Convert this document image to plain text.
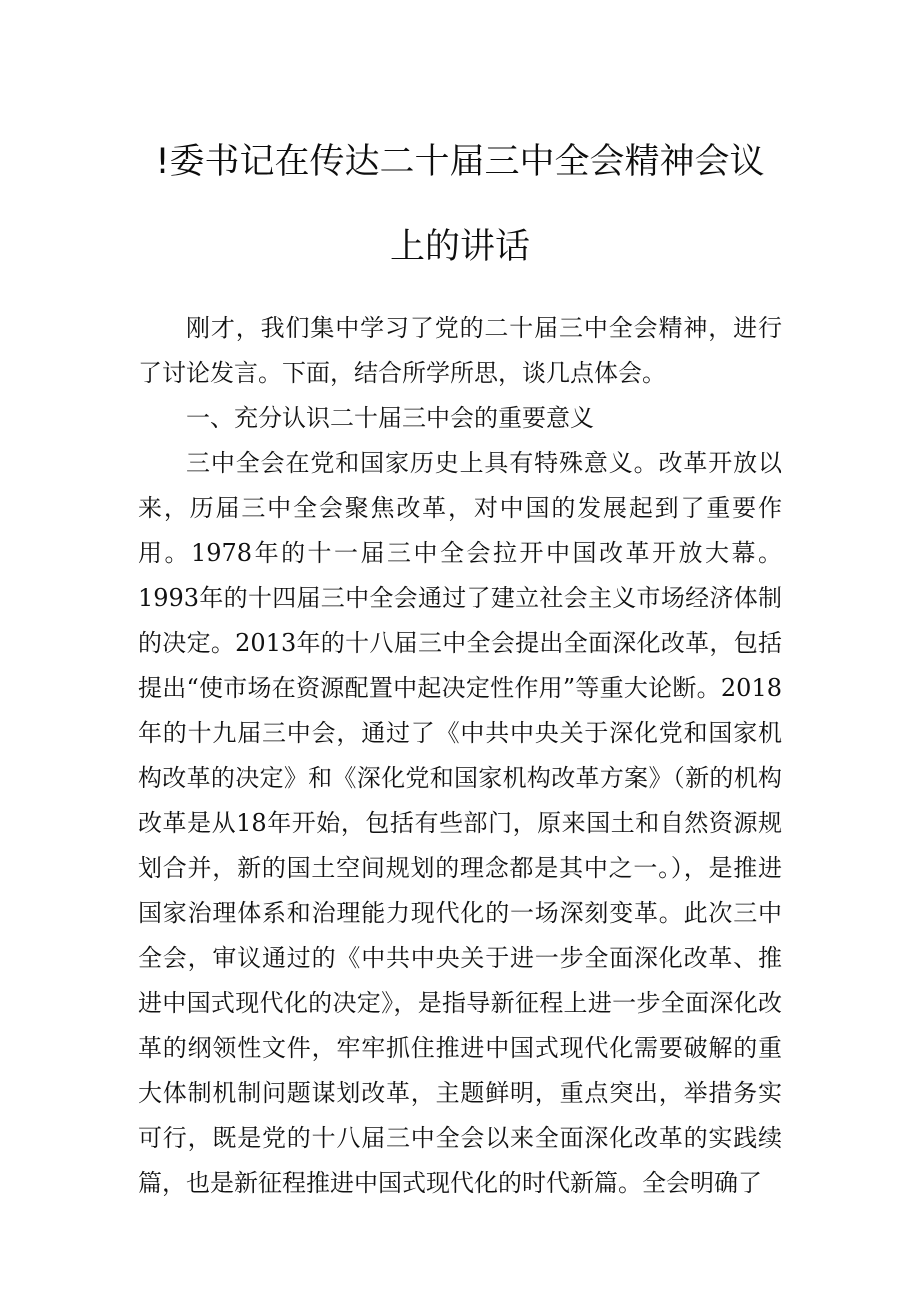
!委书记在传达二十届三中全会精神会议
上的讲话

刚才，我们集中学习了党的二十届三中全会精神，进行了讨论发言。下面，结合所学所思，谈几点体会。

一、充分认识二十届三中会的重要意义

三中全会在党和国家历史上具有特殊意义。改革开放以来，历届三中全会聚焦改革，对中国的发展起到了重要作用。1978年的十一届三中全会拉开中国改革开放大幕。1993年的十四届三中全会通过了建立社会主义市场经济体制的决定。2013年的十八届三中全会提出全面深化改革，包括提出“使市场在资源配置中起决定性作用”等重大论断。2018年的十九届三中会，通过了《中共中央关于深化党和国家机构改革的决定》和《深化党和国家机构改革方案》（新的机构改革是从18年开始，包括有些部门，原来国土和自然资源规划合并，新的国土空间规划的理念都是其中之一。），是推进国家治理体系和治理能力现代化的一场深刻变革。此次三中全会，审议通过的《中共中央关于进一步全面深化改革、推进中国式现代化的决定》，是指导新征程上进一步全面深化改革的纲领性文件，牢牢抓住推进中国式现代化需要破解的重大体制机制问题谋划改革，主题鲜明，重点突出，举措务实可行，既是党的十八届三中全会以来全面深化改革的实践续篇，也是新征程推进中国式现代化的时代新篇。全会明确了
